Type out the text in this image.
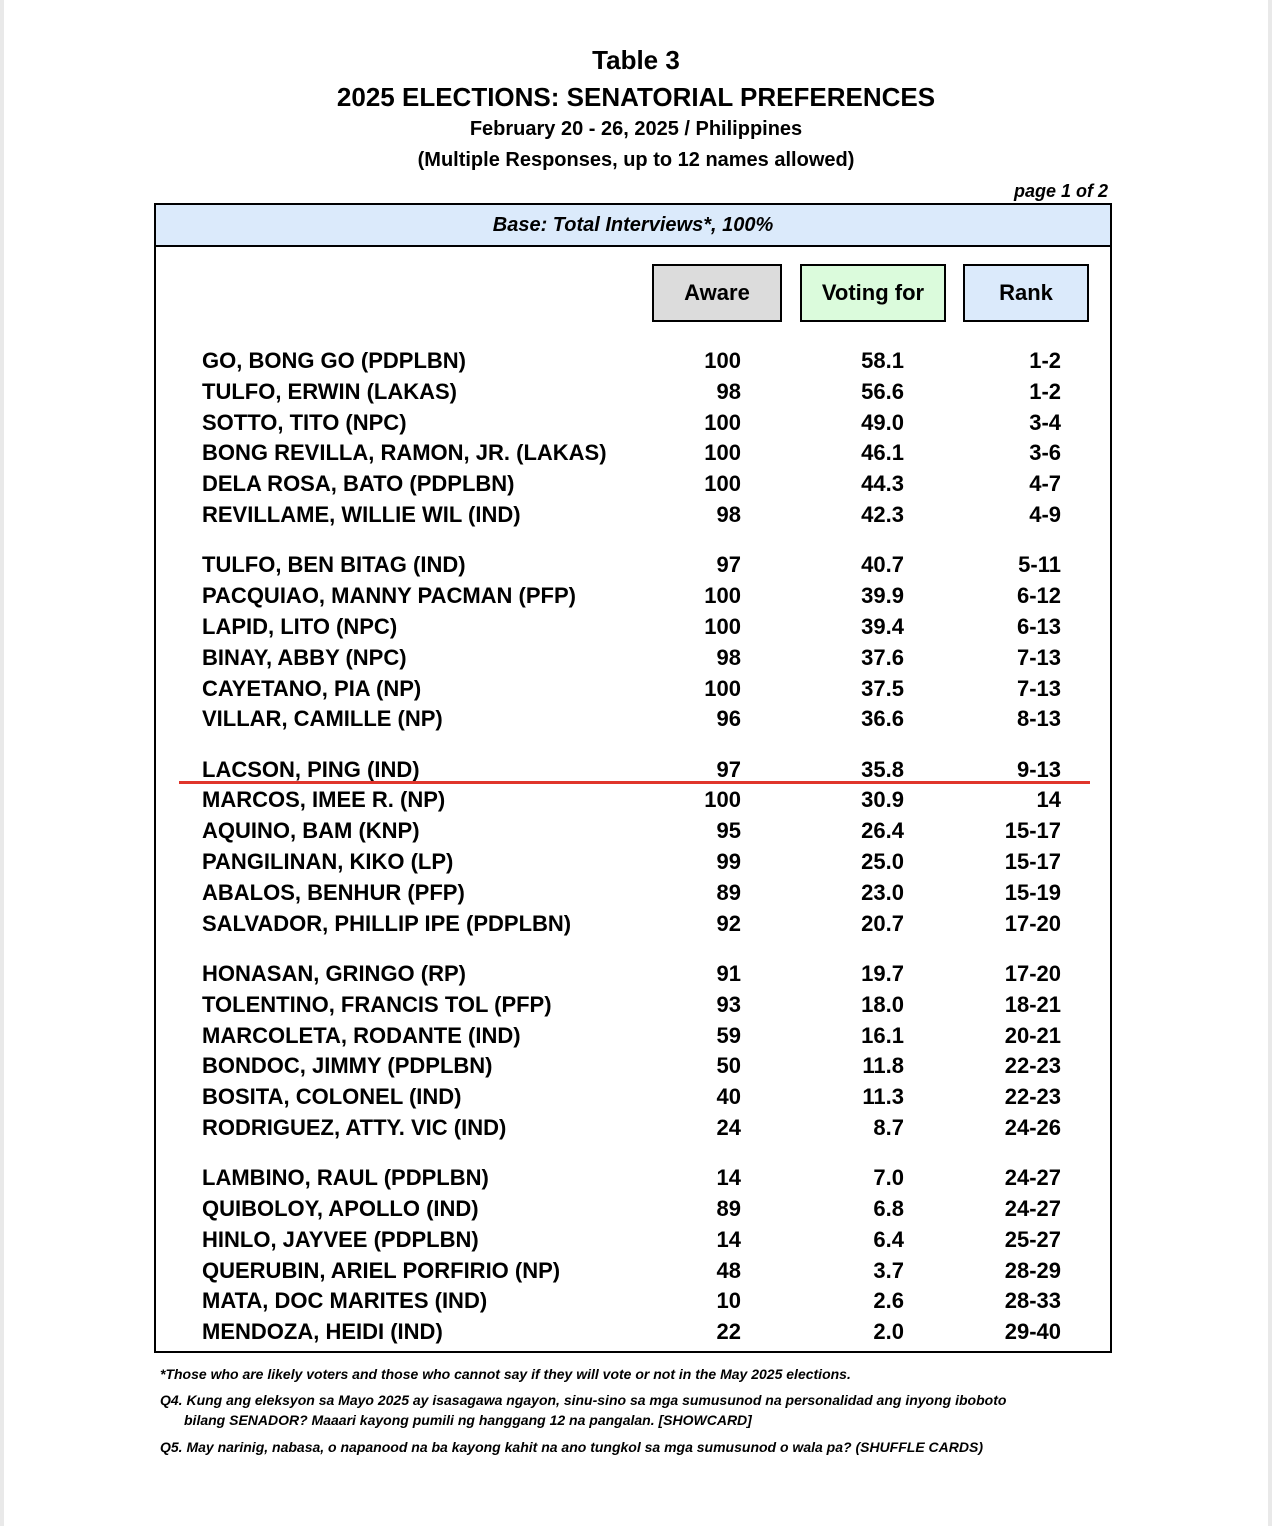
Table 3
2025 ELECTIONS: SENATORIAL PREFERENCES
February 20 - 26, 2025 / Philippines
(Multiple Responses, up to 12 names allowed)
page 1 of 2
Base: Total Interviews*, 100%
Aware	Voting for	Rank
GO, BONG GO (PDPLBN)	100	58.1	1-2
TULFO, ERWIN (LAKAS)	98	56.6	1-2
SOTTO, TITO (NPC)	100	49.0	3-4
BONG REVILLA, RAMON, JR. (LAKAS)	100	46.1	3-6
DELA ROSA, BATO (PDPLBN)	100	44.3	4-7
REVILLAME, WILLIE WIL (IND)	98	42.3	4-9
TULFO, BEN BITAG (IND)	97	40.7	5-11
PACQUIAO, MANNY PACMAN (PFP)	100	39.9	6-12
LAPID, LITO (NPC)	100	39.4	6-13
BINAY, ABBY (NPC)	98	37.6	7-13
CAYETANO, PIA (NP)	100	37.5	7-13
VILLAR, CAMILLE (NP)	96	36.6	8-13
LACSON, PING (IND)	97	35.8	9-13
MARCOS, IMEE R. (NP)	100	30.9	14
AQUINO, BAM (KNP)	95	26.4	15-17
PANGILINAN, KIKO (LP)	99	25.0	15-17
ABALOS, BENHUR (PFP)	89	23.0	15-19
SALVADOR, PHILLIP IPE (PDPLBN)	92	20.7	17-20
HONASAN, GRINGO (RP)	91	19.7	17-20
TOLENTINO, FRANCIS TOL (PFP)	93	18.0	18-21
MARCOLETA, RODANTE (IND)	59	16.1	20-21
BONDOC, JIMMY (PDPLBN)	50	11.8	22-23
BOSITA, COLONEL (IND)	40	11.3	22-23
RODRIGUEZ, ATTY. VIC (IND)	24	8.7	24-26
LAMBINO, RAUL (PDPLBN)	14	7.0	24-27
QUIBOLOY, APOLLO (IND)	89	6.8	24-27
HINLO, JAYVEE (PDPLBN)	14	6.4	25-27
QUERUBIN, ARIEL PORFIRIO (NP)	48	3.7	28-29
MATA, DOC MARITES (IND)	10	2.6	28-33
MENDOZA, HEIDI (IND)	22	2.0	29-40
*Those who are likely voters and those who cannot say if they will vote or not in the May 2025 elections.
Q4. Kung ang eleksyon sa Mayo 2025 ay isasagawa ngayon, sinu-sino sa mga sumusunod na personalidad ang inyong iboboto
bilang SENADOR? Maaari kayong pumili ng hanggang 12 na pangalan. [SHOWCARD]
Q5. May narinig, nabasa, o napanood na ba kayong kahit na ano tungkol sa mga sumusunod o wala pa? (SHUFFLE CARDS)
